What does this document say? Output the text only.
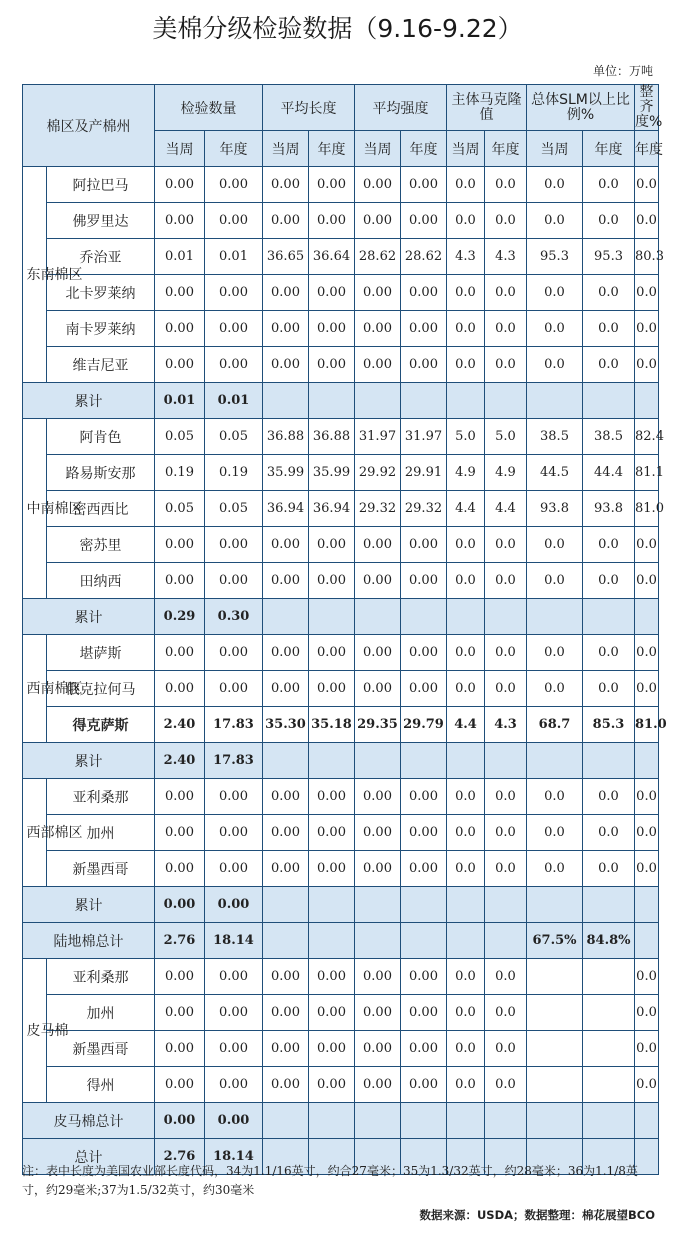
美棉分级检验数据（9.16-9.22）
单位：万吨
棉区及产棉州		检验数量		平均长度		平均强度		主体马克隆值		总体SLM以上比例%		整齐度%
		当周	年度	当周	年度	当周	年度	当周	年度	当周	年度	年度

东南棉区	阿拉巴马	0.00	0.00	0.00	0.00	0.00	0.00	0.0	0.0	0.0	0.0	0.0
	佛罗里达	0.00	0.00	0.00	0.00	0.00	0.00	0.0	0.0	0.0	0.0	0.0
	乔治亚	0.01	0.01	36.65	36.64	28.62	28.62	4.3	4.3	95.3	95.3	80.3
	北卡罗莱纳	0.00	0.00	0.00	0.00	0.00	0.00	0.0	0.0	0.0	0.0	0.0
	南卡罗莱纳	0.00	0.00	0.00	0.00	0.00	0.00	0.0	0.0	0.0	0.0	0.0
	维吉尼亚	0.00	0.00	0.00	0.00	0.00	0.00	0.0	0.0	0.0	0.0	0.0
累计		0.01	0.01									

中南棉区	阿肯色	0.05	0.05	36.88	36.88	31.97	31.97	5.0	5.0	38.5	38.5	82.4
	路易斯安那	0.19	0.19	35.99	35.99	29.92	29.91	4.9	4.9	44.5	44.4	81.1
	密西西比	0.05	0.05	36.94	36.94	29.32	29.32	4.4	4.4	93.8	93.8	81.0
	密苏里	0.00	0.00	0.00	0.00	0.00	0.00	0.0	0.0	0.0	0.0	0.0
	田纳西	0.00	0.00	0.00	0.00	0.00	0.00	0.0	0.0	0.0	0.0	0.0
累计		0.29	0.30									

西南棉区	堪萨斯	0.00	0.00	0.00	0.00	0.00	0.00	0.0	0.0	0.0	0.0	0.0
	俄克拉何马	0.00	0.00	0.00	0.00	0.00	0.00	0.0	0.0	0.0	0.0	0.0
	得克萨斯	2.40	17.83	35.30	35.18	29.35	29.79	4.4	4.3	68.7	85.3	81.0
累计		2.40	17.83									

西部棉区	亚利桑那	0.00	0.00	0.00	0.00	0.00	0.00	0.0	0.0	0.0	0.0	0.0
	加州	0.00	0.00	0.00	0.00	0.00	0.00	0.0	0.0	0.0	0.0	0.0
	新墨西哥	0.00	0.00	0.00	0.00	0.00	0.00	0.0	0.0	0.0	0.0	0.0
累计		0.00	0.00									
陆地棉总计		2.76	18.14							67.5%	84.8%	

皮马棉	亚利桑那	0.00	0.00	0.00	0.00	0.00	0.00	0.0	0.0			0.0
	加州	0.00	0.00	0.00	0.00	0.00	0.00	0.0	0.0			0.0
	新墨西哥	0.00	0.00	0.00	0.00	0.00	0.00	0.0	0.0			0.0
	得州	0.00	0.00	0.00	0.00	0.00	0.00	0.0	0.0			0.0
皮马棉总计		0.00	0.00									
总计		2.76	18.14									
注：表中长度为美国农业部长度代码，34为1.1/16英寸，约合27毫米；35为1.3/32英寸，约28毫米；36为1.1/8英寸，约29毫米;37为1.5/32英寸，约30毫米
数据来源：USDA；数据整理：棉花展望BCO
